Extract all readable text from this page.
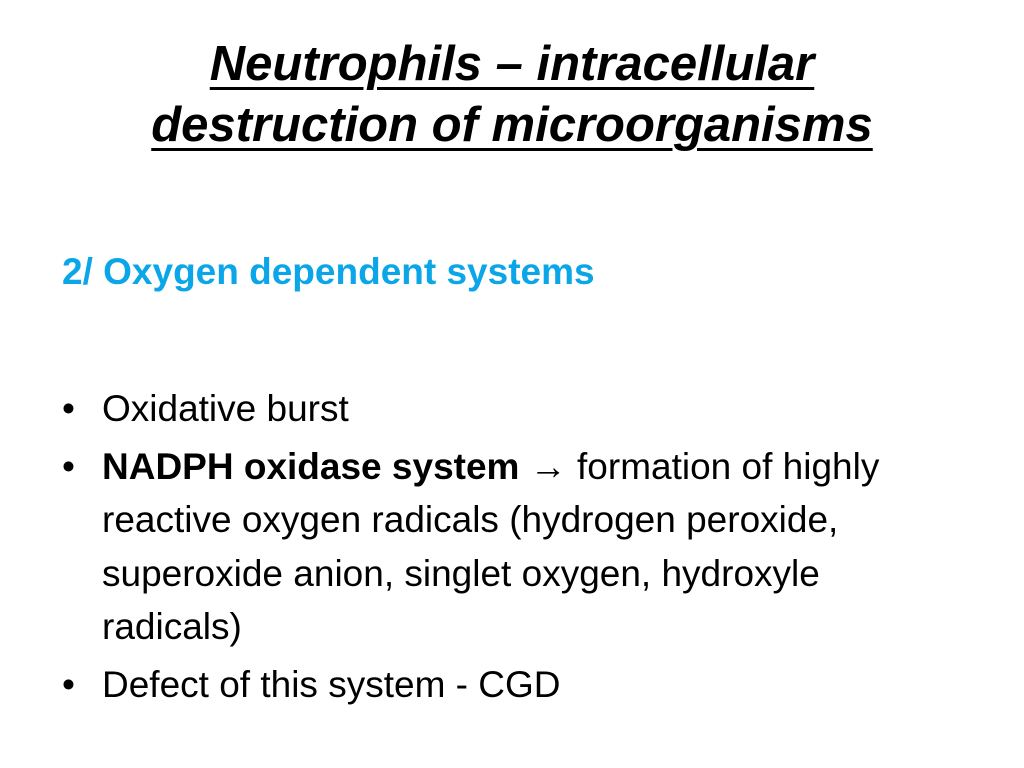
Neutrophils – intracellular
destruction of microorganisms
2/ Oxygen dependent systems
• Oxidative burst
• NADPH oxidase system → formation of highly reactive oxygen radicals (hydrogen peroxide, superoxide anion, singlet oxygen, hydroxyle radicals)
• Defect of this system - CGD
